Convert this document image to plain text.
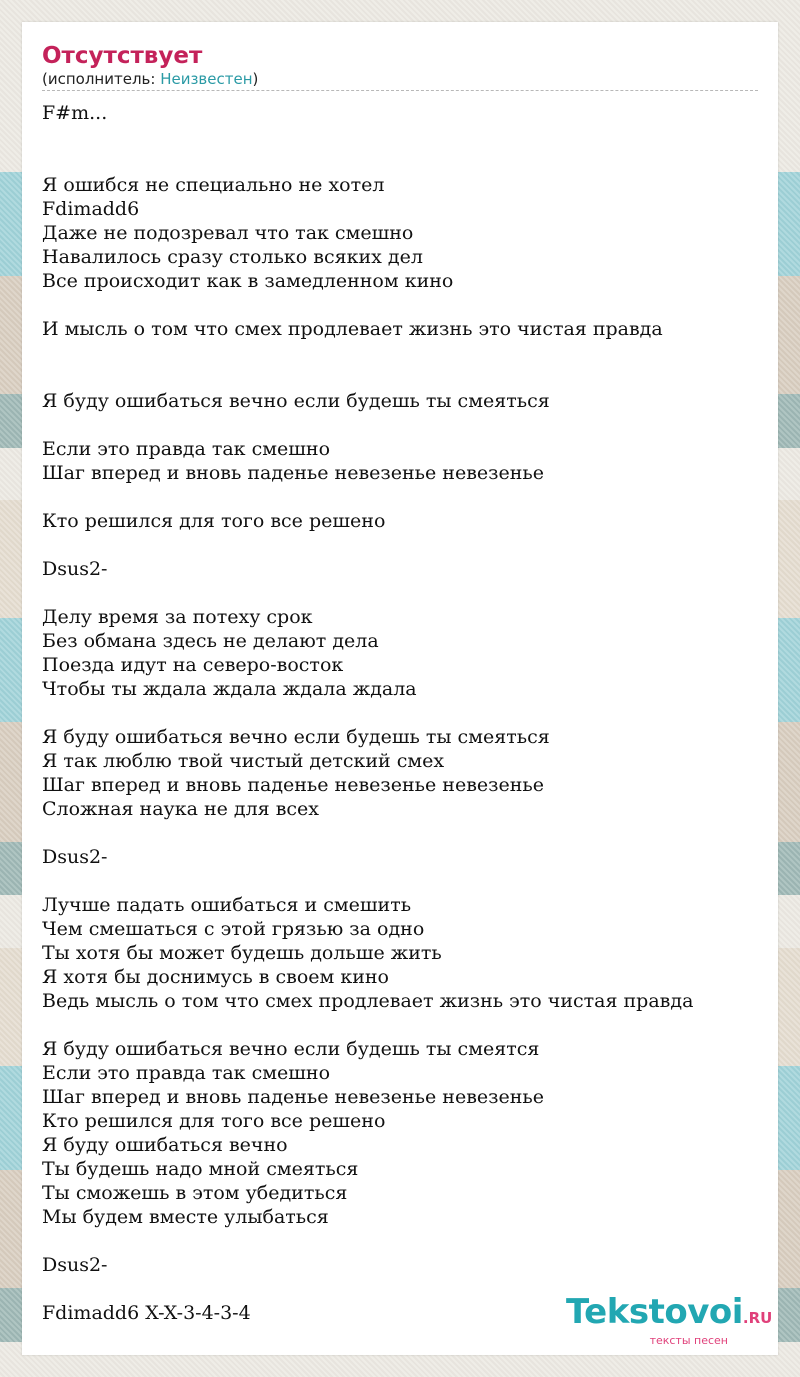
Отсутствует
(исполнитель: Неизвестен)
F#m...
Я ошибся не специально не хотел
Fdimadd6
Даже не подозревал что так смешно
Навалилось сразу столько всяких дел
Все происходит как в замедленном кино
И мысль о том что смех продлевает жизнь это чистая правда
Я буду ошибаться вечно если будешь ты смеяться
Если это правда так смешно
Шаг вперед и вновь паденье невезенье невезенье
Кто решился для того все решено
Dsus2-
Делу время за потеху срок
Без обмана здесь не делают дела
Поезда идут на северо-восток
Чтобы ты ждала ждала ждала ждала
Я буду ошибаться вечно если будешь ты смеяться
Я так люблю твой чистый детский смех
Шаг вперед и вновь паденье невезенье невезенье
Сложная наука не для всех
Dsus2-
Лучше падать ошибаться и смешить
Чем смешаться с этой грязью за одно
Ты хотя бы может будешь дольше жить
Я хотя бы доснимусь в своем кино
Ведь мысль о том что смех продлевает жизнь это чистая правда
Я буду ошибаться вечно если будешь ты смеятся
Если это правда так смешно
Шаг вперед и вновь паденье невезенье невезенье
Кто решился для того все решено
Я буду ошибаться вечно
Ты будешь надо мной смеяться
Ты сможешь в этом убедиться
Мы будем вместе улыбаться
Dsus2-
Fdimadd6 X-X-3-4-3-4	Tekstovoi.RU
тексты песен
